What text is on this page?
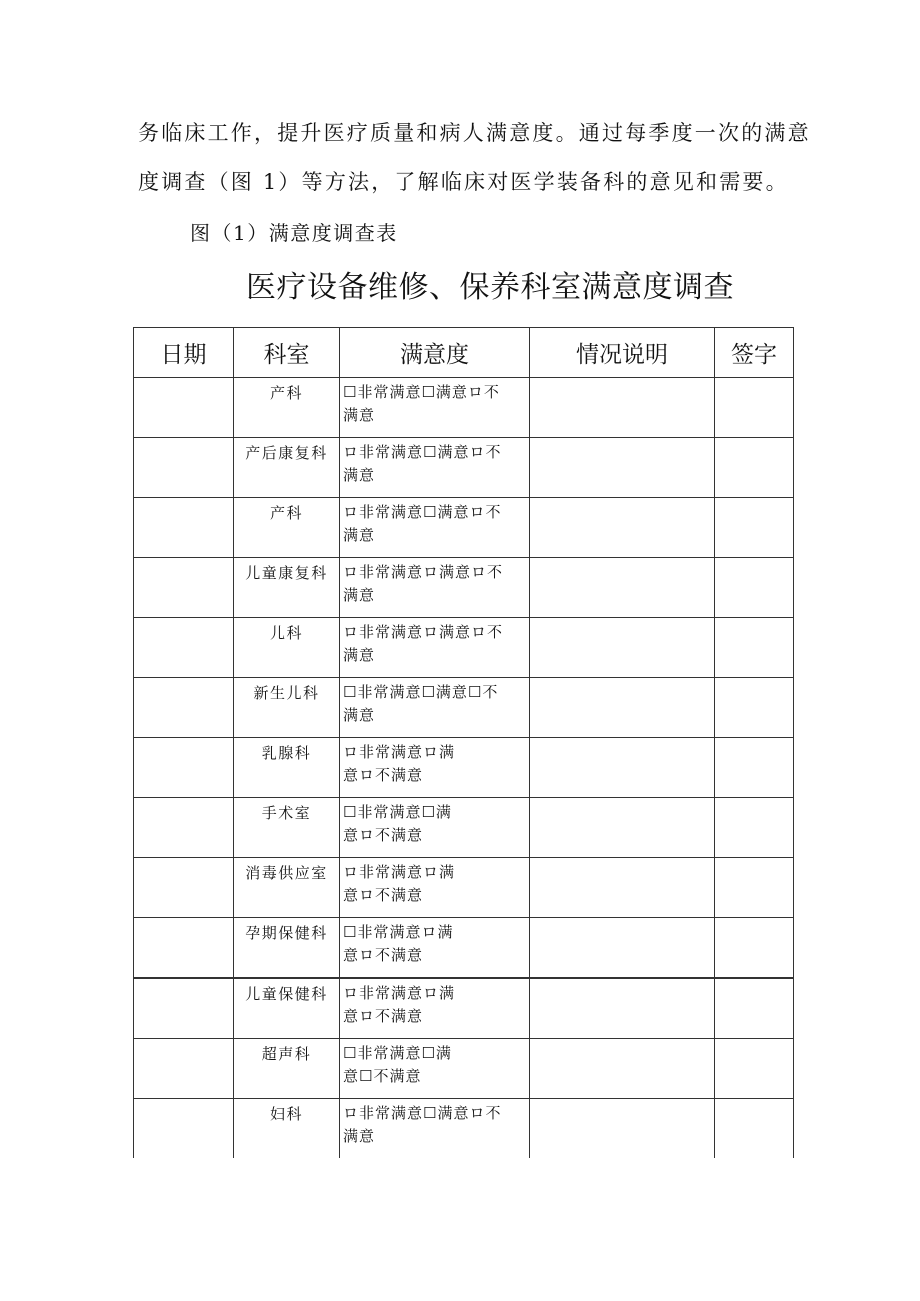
务临床工作，提升医疗质量和病人满意度。通过每季度一次的满意
度调查（图 1）等方法，了解临床对医学装备科的意见和需要。
图（1）满意度调查表
医疗设备维修、保养科室满意度调查
日期	科室	满意度	情况说明	签字

	产科	☐非常满意☐满意ロ不
满意		

	产后康复科	ロ非常满意☐满意ロ不
满意		

	产科	ロ非常满意☐满意ロ不
满意		

	儿童康复科	ロ非常满意ロ满意ロ不
满意		

	儿科	ロ非常满意ロ满意ロ不
满意		

	新生儿科	☐非常满意☐满意☐不
满意		

	乳腺科	ロ非常满意ロ满
意ロ不满意		

	手术室	☐非常满意☐满
意ロ不满意		

	消毒供应室	ロ非常满意ロ满
意ロ不满意		

	孕期保健科	☐非常满意ロ满
意ロ不满意		

	儿童保健科	ロ非常满意ロ满
意ロ不满意		

	超声科	☐非常满意☐满
意☐不满意		

	妇科	ロ非常满意☐满意ロ不
满意		
